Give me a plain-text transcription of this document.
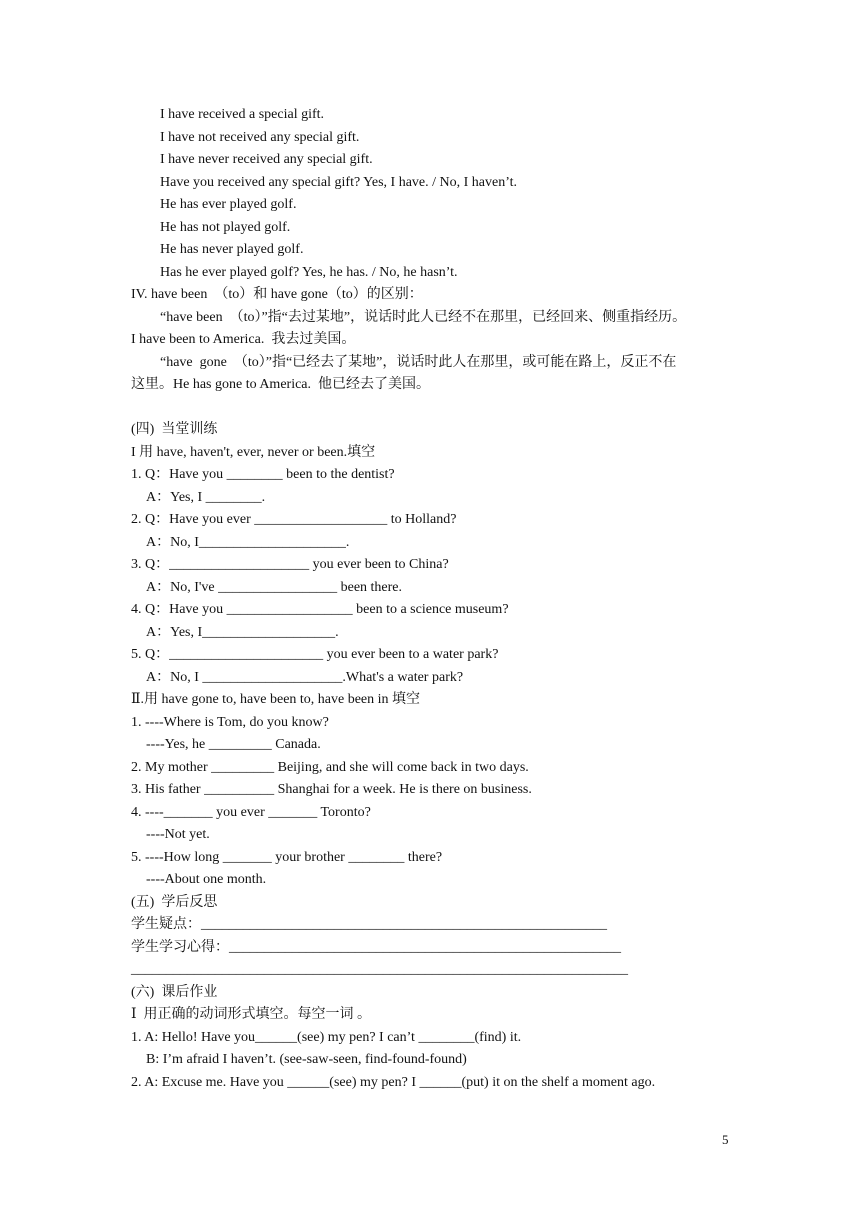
I have received a special gift.
I have not received any special gift.
I have never received any special gift.
Have you received any special gift? Yes, I have. / No, I haven’t.
He has ever played golf.
He has not played golf.
He has never played golf.
Has he ever played golf? Yes, he has. / No, he hasn’t.
IV. have been  （to）和 have gone（to）的区别：
“have been  （to）”指“去过某地”，说话时此人已经不在那里，已经回来、侧重指经历。
I have been to America.  我去过美国。
“have  gone  （to）”指“已经去了某地”，说话时此人在那里，或可能在路上，反正不在
这里。He has gone to America.  他已经去了美国。
(四)  当堂训练
I 用 have, haven't, ever, never or been.填空
1. Q：Have you ________ been to the dentist?
A：Yes, I ________.
2. Q：Have you ever ___________________ to Holland?
A：No, I_____________________.
3. Q：____________________ you ever been to China?
A：No, I've _________________ been there.
4. Q：Have you __________________ been to a science museum?
A：Yes, I___________________.
5. Q：______________________ you ever been to a water park?
A：No, I ____________________.What's a water park?
Ⅱ.用 have gone to, have been to, have been in 填空
1. ----Where is Tom, do you know?
----Yes, he _________ Canada.
2. My mother _________ Beijing, and she will come back in two days.
3. His father __________ Shanghai for a week. He is there on business.
4. ----_______ you ever _______ Toronto?
----Not yet.
5. ----How long _______ your brother ________ there?
----About one month.
(五)  学后反思
学生疑点：__________________________________________________________
学生学习心得：________________________________________________________
_______________________________________________________________________
(六)  课后作业
Ⅰ  用正确的动词形式填空。每空一词 。
1. A: Hello! Have you______(see) my pen? I can’t ________(find) it.
B: I’m afraid I haven’t. (see-saw-seen, find-found-found)
2. A: Excuse me. Have you ______(see) my pen? I ______(put) it on the shelf a moment ago.
5
